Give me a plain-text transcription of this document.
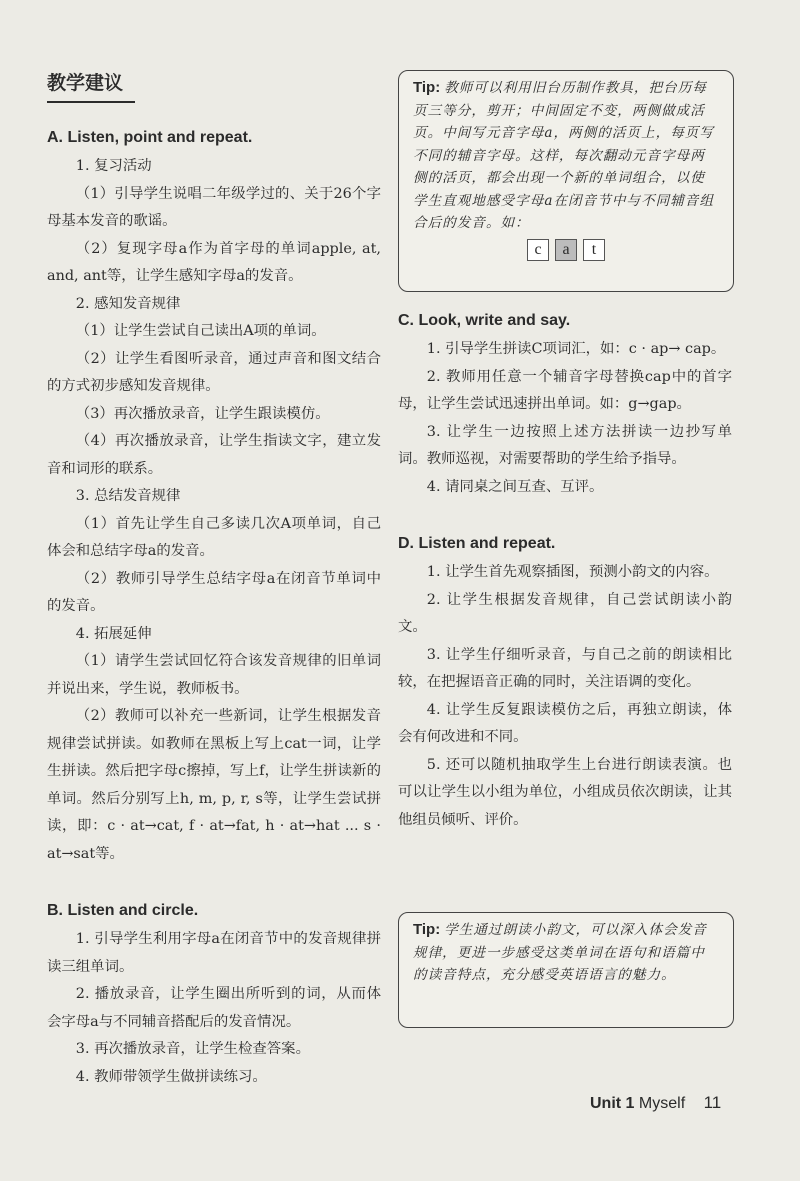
教学建议
A. Listen, point and repeat.

1. 复习活动

（1）引导学生说唱二年级学过的、关于26个字母基本发音的歌谣。

（2）复现字母a作为首字母的单词apple, at, and, ant等，让学生感知字母a的发音。

2. 感知发音规律

（1）让学生尝试自己读出A项的单词。

（2）让学生看图听录音，通过声音和图文结合的方式初步感知发音规律。

（3）再次播放录音，让学生跟读模仿。

（4）再次播放录音，让学生指读文字，建立发音和词形的联系。

3. 总结发音规律

（1）首先让学生自己多读几次A项单词，自己体会和总结字母a的发音。

（2）教师引导学生总结字母a在闭音节单词中的发音。

4. 拓展延伸

（1）请学生尝试回忆符合该发音规律的旧单词并说出来，学生说，教师板书。

（2）教师可以补充一些新词，让学生根据发音规律尝试拼读。如教师在黑板上写上cat一词，让学生拼读。然后把字母c擦掉，写上f，让学生拼读新的单词。然后分别写上h, m, p, r, s等，让学生尝试拼读，即：c · at→cat, f · at→fat, h · at→hat ... s · at→sat等。

B. Listen and circle.

1. 引导学生利用字母a在闭音节中的发音规律拼读三组单词。

2. 播放录音，让学生圈出所听到的词，从而体会字母a与不同辅音搭配后的发音情况。

3. 再次播放录音，让学生检查答案。

4. 教师带领学生做拼读练习。

Tip: 教师可以利用旧台历制作教具，把台历每页三等分，剪开；中间固定不变，两侧做成活页。中间写元音字母a，两侧的活页上，每页写不同的辅音字母。这样，每次翻动元音字母两侧的活页，都会出现一个新的单词组合，以使学生直观地感受字母a在闭音节中与不同辅音组合后的发音。如：
c a t
C. Look, write and say.

1. 引导学生拼读C项词汇，如：c · ap→ cap。

2. 教师用任意一个辅音字母替换cap中的首字母，让学生尝试迅速拼出单词。如：g→gap。

3. 让学生一边按照上述方法拼读一边抄写单词。教师巡视，对需要帮助的学生给予指导。

4. 请同桌之间互查、互评。

D. Listen and repeat.

1. 让学生首先观察插图，预测小韵文的内容。

2. 让学生根据发音规律，自己尝试朗读小韵文。

3. 让学生仔细听录音，与自己之前的朗读相比较，在把握语音正确的同时，关注语调的变化。

4. 让学生反复跟读模仿之后，再独立朗读，体会有何改进和不同。

5. 还可以随机抽取学生上台进行朗读表演。也可以让学生以小组为单位，小组成员依次朗读，让其他组员倾听、评价。

Tip: 学生通过朗读小韵文，可以深入体会发音规律，更进一步感受这类单词在语句和语篇中的读音特点，充分感受英语语言的魅力。
Unit 1 Myself 11
